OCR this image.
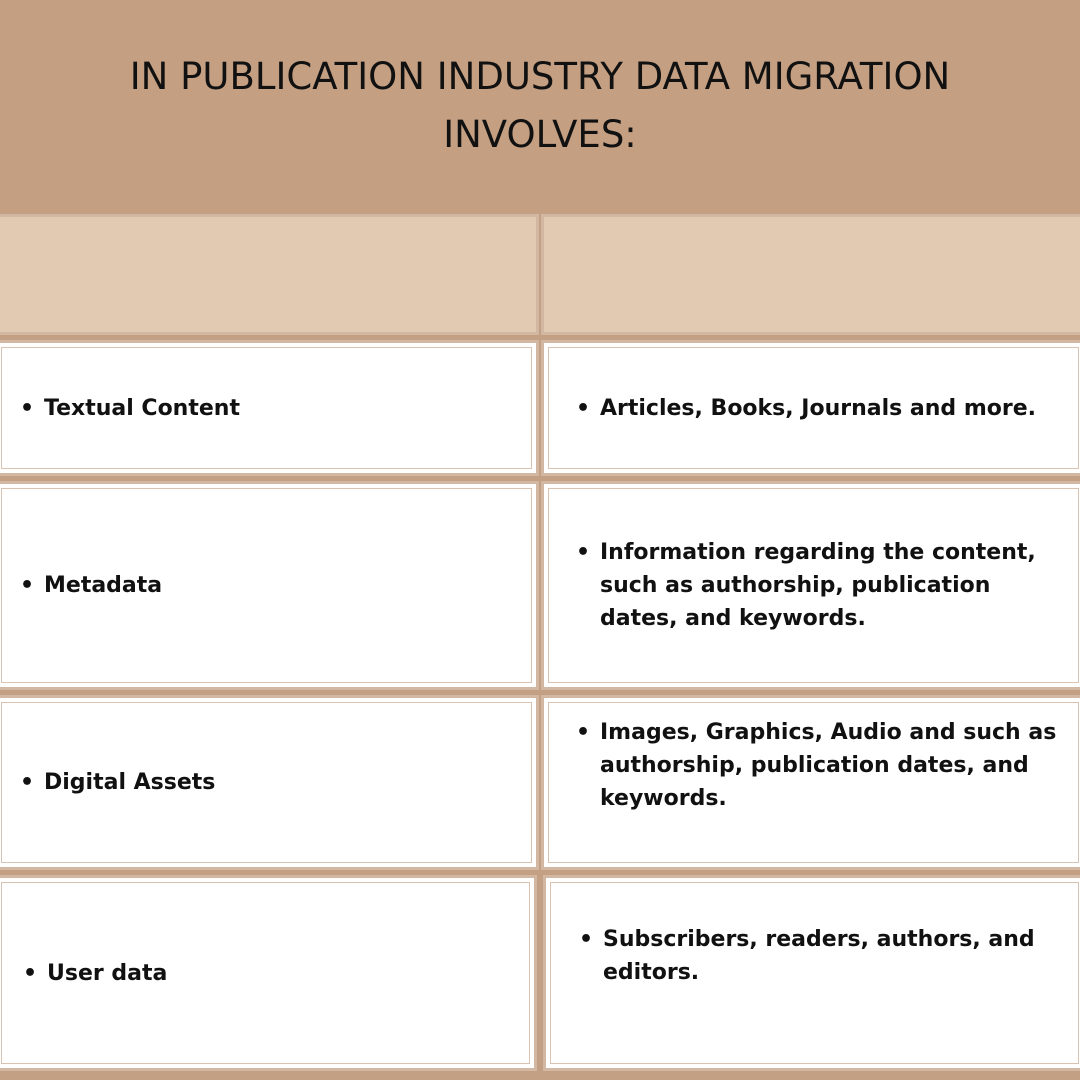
IN PUBLICATION INDUSTRY DATA MIGRATION INVOLVES:
• Textual Content	• Articles, Books, Journals and more.
• Metadata
• Information regarding the content, such as authorship, publication dates, and keywords.
• Digital Assets
• Images, Graphics, Audio and such as authorship, publication dates, and keywords.
• User data
• Subscribers, readers, authors, and editors.
